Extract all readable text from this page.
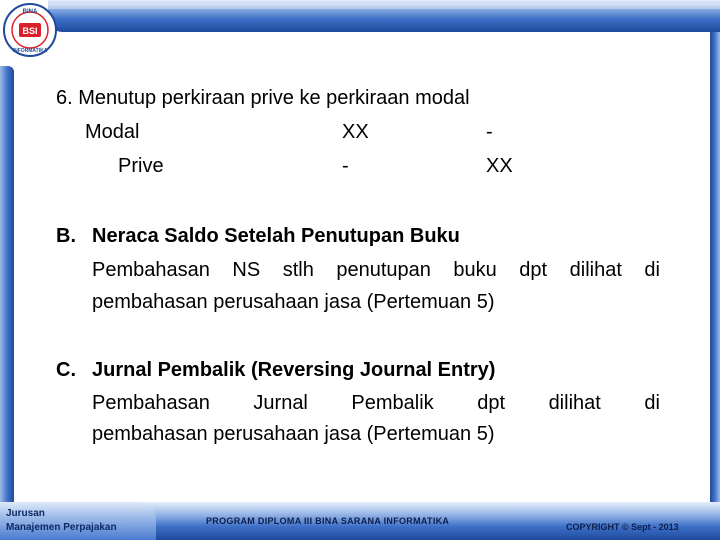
BSI
BINA
INFORMATIKA
6. Menutup perkiraan prive ke perkiraan modal
Modal	XX	-
Prive	-	XX
B. Neraca Saldo Setelah Penutupan Buku
Pembahasan NS stlh penutupan buku dpt dilihat di
pembahasan perusahaan jasa (Pertemuan 5)
C. Jurnal Pembalik (Reversing Journal Entry)
Pembahasan Jurnal Pembalik dpt dilihat di
pembahasan perusahaan jasa (Pertemuan 5)
Jurusan
Manajemen Perpajakan
PROGRAM DIPLOMA III BINA SARANA INFORMATIKA
COPYRIGHT © Sept - 2013
